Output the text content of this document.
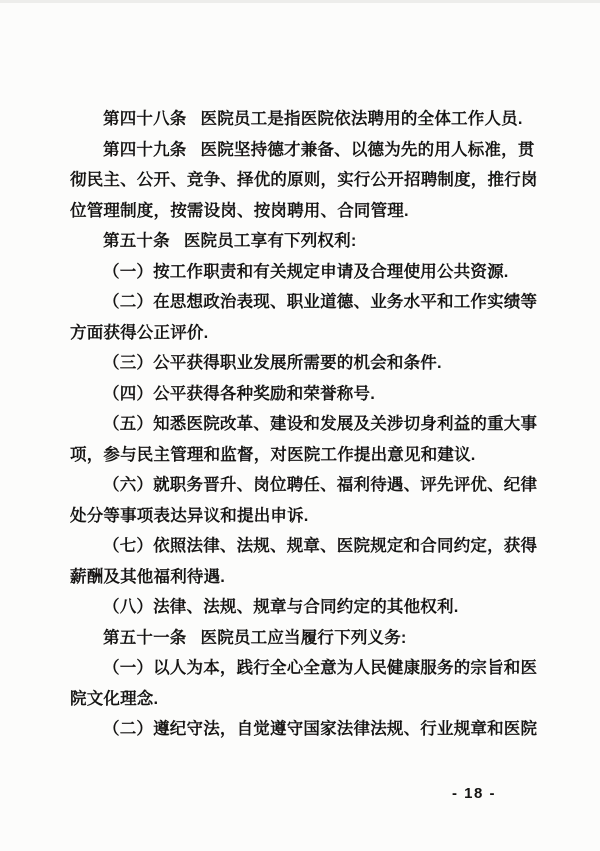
第四十八条 医院员工是指医院依法聘用的全体工作人员.
第四十九条 医院坚持德才兼备、以德为先的用人标准，贯
彻民主、公开、竞争、择优的原则，实行公开招聘制度，推行岗
位管理制度，按需设岗、按岗聘用、合同管理.
第五十条 医院员工享有下列权利:
（一）按工作职责和有关规定申请及合理使用公共资源.
（二）在思想政治表现、职业道德、业务水平和工作实绩等
方面获得公正评价.
（三）公平获得职业发展所需要的机会和条件.
（四）公平获得各种奖励和荣誉称号.
（五）知悉医院改革、建设和发展及关涉切身利益的重大事
项，参与民主管理和监督，对医院工作提出意见和建议.
（六）就职务晋升、岗位聘任、福利待遇、评先评优、纪律
处分等事项表达异议和提出申诉.
（七）依照法律、法规、规章、医院规定和合同约定，获得
薪酬及其他福利待遇.
（八）法律、法规、规章与合同约定的其他权利.
第五十一条 医院员工应当履行下列义务:
（一）以人为本，践行全心全意为人民健康服务的宗旨和医
院文化理念.
（二）遵纪守法，自觉遵守国家法律法规、行业规章和医院
- 18 -
